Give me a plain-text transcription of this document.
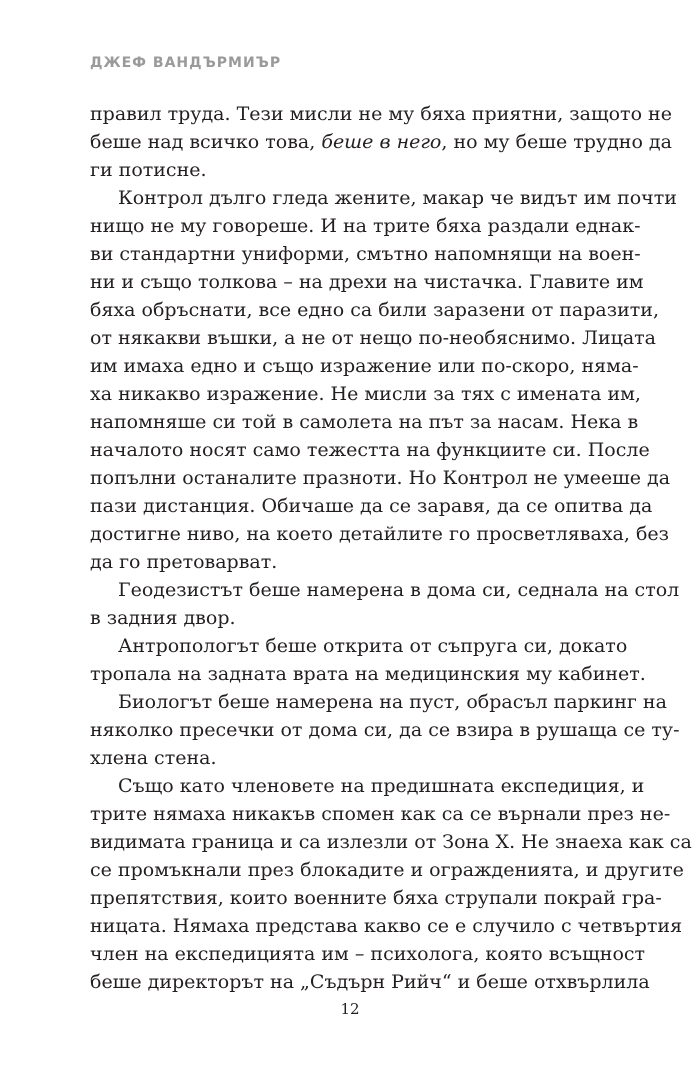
ДЖЕФ ВАНДЪРМИЪР
правил труда. Тези мисли не му бяха приятни, защото не
беше над всичко това, беше в него, но му беше трудно да
ги потисне.
Контрол дълго гледа жените, макар че видът им почти
нищо не му говореше. И на трите бяха раздали еднак-
ви стандартни униформи, смътно напомнящи на воен-
ни и също толкова – на дрехи на чистачка. Главите им
бяха обръснати, все едно са били заразени от паразити,
от някакви въшки, а не от нещо по-необяснимо. Лицата
им имаха едно и също изражение или по-скоро, няма-
ха никакво изражение. Не мисли за тях с имената им,
напомняше си той в самолета на път за насам. Нека в
началото носят само тежестта на функциите си. После
попълни останалите празноти. Но Контрол не умееше да
пази дистанция. Обичаше да се заравя, да се опитва да
достигне ниво, на което детайлите го просветляваха, без
да го претоварват.
Геодезистът беше намерена в дома си, седнала на стол
в задния двор.
Антропологът беше открита от съпруга си, докато
тропала на задната врата на медицинския му кабинет.
Биологът беше намерена на пуст, обрасъл паркинг на
няколко пресечки от дома си, да се взира в рушаща се ту-
хлена стена.
Също като членовете на предишната експедиция, и
трите нямаха никакъв спомен как са се върнали през не-
видимата граница и са излезли от Зона Х. Не знаеха как са
се промъкнали през блокадите и огражденията, и другите
препятствия, които военните бяха струпали покрай гра-
ницата. Нямаха представа какво се е случило с четвъртия
член на експедицията им – психолога, която всъщност
беше директорът на „Съдърн Рийч“ и беше отхвърлила
12
